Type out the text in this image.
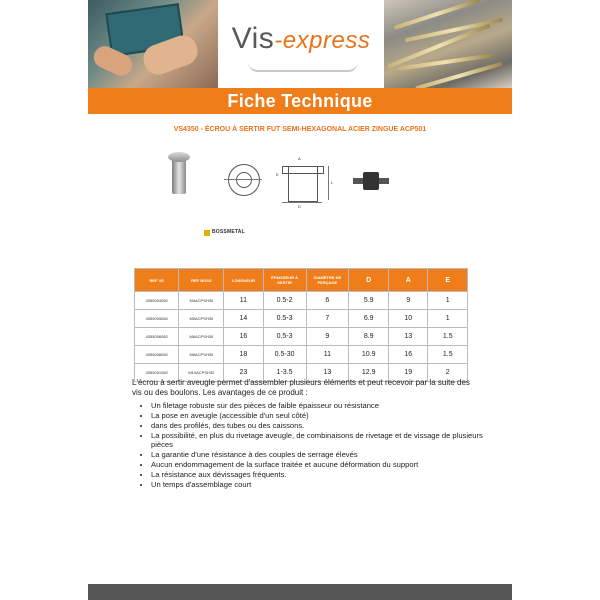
Vis-express
Fiche Technique
VS4350 - ÉCROU À SERTIR FUT SEMI-HEXAGONAL ACIER ZINGUE ACP501
L
A
E
D
BOSSMETAL
REF VE	REF BOSS	LONGUEUR	ÉPAISSEUR À SERTIR	DIAMÈTRE DE PERÇAGE	D	A	E
4355004082	M4ACPSH30	11	0.5-2	6	5.9	9	1
4355005082	M5ACPSH30	14	0.5-3	7	6.9	10	1
4355006082	M6ACPSH30	16	0.5-3	9	8.9	13	1.5
4355008082	M8ACPSH30	18	0.5-30	11	10.9	16	1.5
4355001082	M10ACPSH30	23	1-3.5	13	12.9	19	2
L'écrou à sertir aveugle permet d'assembler plusieurs éléments et peut recevoir par la suite des vis ou des boulons. Les avantages de ce produit :
• Un filetage robuste sur des pièces de faible épaisseur ou résistance
• La pose en aveugle (accessible d'un seul côté)
• dans des profilés, des tubes ou des caissons.
• La possibilité, en plus du rivetage aveugle, de combinaisons de rivetage et de vissage de plusieurs pièces
• La garantie d'une résistance à des couples de serrage élevés
• Aucun endommagement de la surface traitée et aucune déformation du support
• La résistance aux dévissages fréquents.
• Un temps d'assemblage court
